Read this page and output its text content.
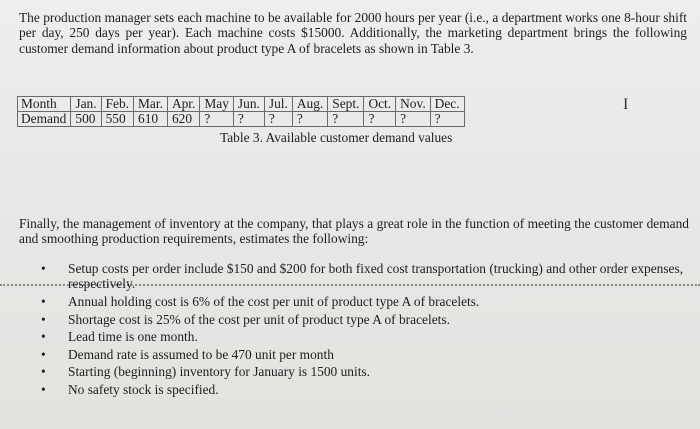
The production manager sets each machine to be available for 2000 hours per year (i.e., a department works one 8-hour shift per day, 250 days per year). Each machine costs $15000. Additionally, the marketing department brings the following customer demand information about product type A of bracelets as shown in Table 3.

Month	Jan.	Feb.	Mar.	Apr.	May	Jun.	Jul.	Aug.	Sept.	Oct.	Nov.	Dec.
Demand	500	550	610	620	?	?	?	?	?	?	?	?
I

Table 3. Available customer demand values

Finally, the management of inventory at the company, that plays a great role in the function of meeting the customer demand and smoothing production requirements, estimates the following:

• Setup costs per order include $150 and $200 for both fixed cost transportation (trucking) and other order expenses, respectively.
• Annual holding cost is 6% of the cost per unit of product type A of bracelets.
• Shortage cost is 25% of the cost per unit of product type A of bracelets.
• Lead time is one month.
• Demand rate is assumed to be 470 unit per month
• Starting (beginning) inventory for January is 1500 units.
• No safety stock is specified.
